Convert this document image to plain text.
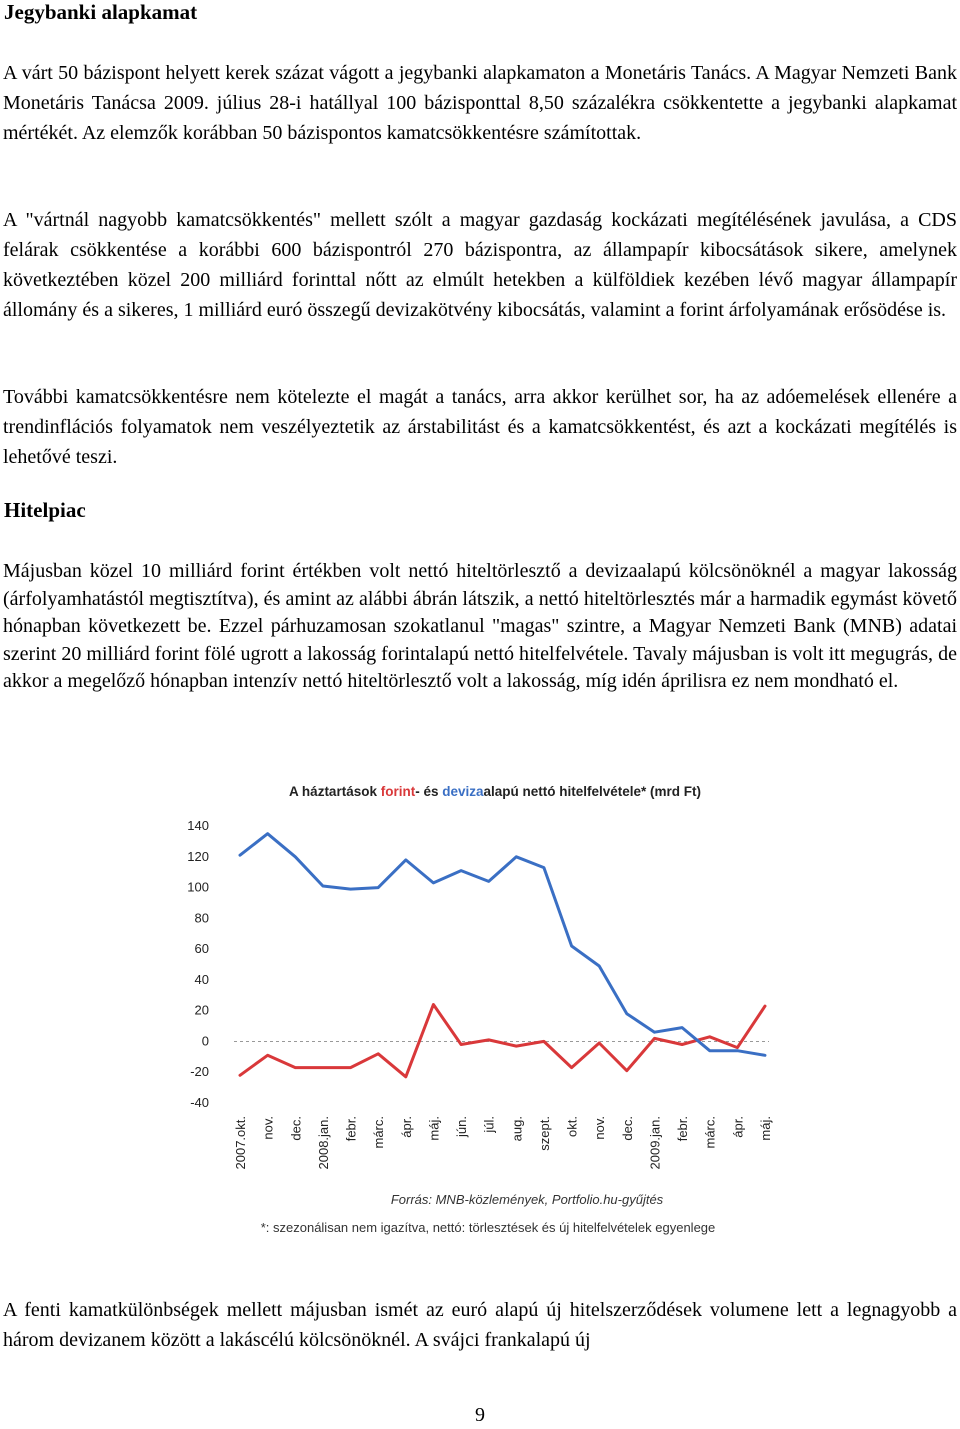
Jegybanki alapkamat

A várt 50 bázispont helyett kerek százat vágott a jegybanki alapkamaton a Monetáris Tanács. A Magyar Nemzeti Bank Monetáris Tanácsa 2009. július 28-i hatállyal 100 bázisponttal 8,50 százalékra csökkentette a jegybanki alapkamat mértékét. Az elemzők korábban 50 bázispontos kamatcsökkentésre számítottak.

A "vártnál nagyobb kamatcsökkentés" mellett szólt a magyar gazdaság kockázati megítélésének javulása, a CDS felárak csökkentése a korábbi 600 bázispontról 270 bázispontra, az állampapír kibocsátások sikere, amelynek következtében közel 200 milliárd forinttal nőtt az elmúlt hetekben a külföldiek kezében lévő magyar állampapír állomány és a sikeres, 1 milliárd euró összegű devizakötvény kibocsátás, valamint a forint árfolyamának erősödése is.

További kamatcsökkentésre nem kötelezte el magát a tanács, arra akkor kerülhet sor, ha az adóemelések ellenére a trendinflációs folyamatok nem veszélyeztetik az árstabilitást és a kamatcsökkentést, és azt a kockázati megítélés is lehetővé teszi.

Hitelpiac

Májusban közel 10 milliárd forint értékben volt nettó hiteltörlesztő a devizaalapú kölcsönöknél a magyar lakosság (árfolyamhatástól megtisztítva), és amint az alábbi ábrán látszik, a nettó hiteltörlesztés már a harmadik egymást követő hónapban következett be. Ezzel párhuzamosan szokatlanul "magas" szintre, a Magyar Nemzeti Bank (MNB) adatai szerint 20 milliárd forint fölé ugrott a lakosság forintalapú nettó hitelfelvétele. Tavaly májusban is volt itt megugrás, de akkor a megelőző hónapban intenzív nettó hiteltörlesztő volt a lakosság, míg idén áprilisra ez nem mondható el.

A háztartások forint- és devizaalapú nettó hitelfelvétele* (mrd Ft)
140
120
100
80
60
40
20
0
-20
-40
2007.okt. nov. dec. 2008.jan. febr. márc. ápr. máj. jún. júl. aug. szept. okt. nov. dec. 2009.jan. febr. márc. ápr. máj.
Forrás: MNB-közlemények, Portfolio.hu-gyűjtés
*: szezonálisan nem igazítva, nettó: törlesztések és új hitelfelvételek egyenlege

A fenti kamatkülönbségek mellett májusban ismét az euró alapú új hitelszerződések volumene lett a legnagyobb a három devizanem között a lakáscélú kölcsönöknél. A svájci frankalapú új

9
